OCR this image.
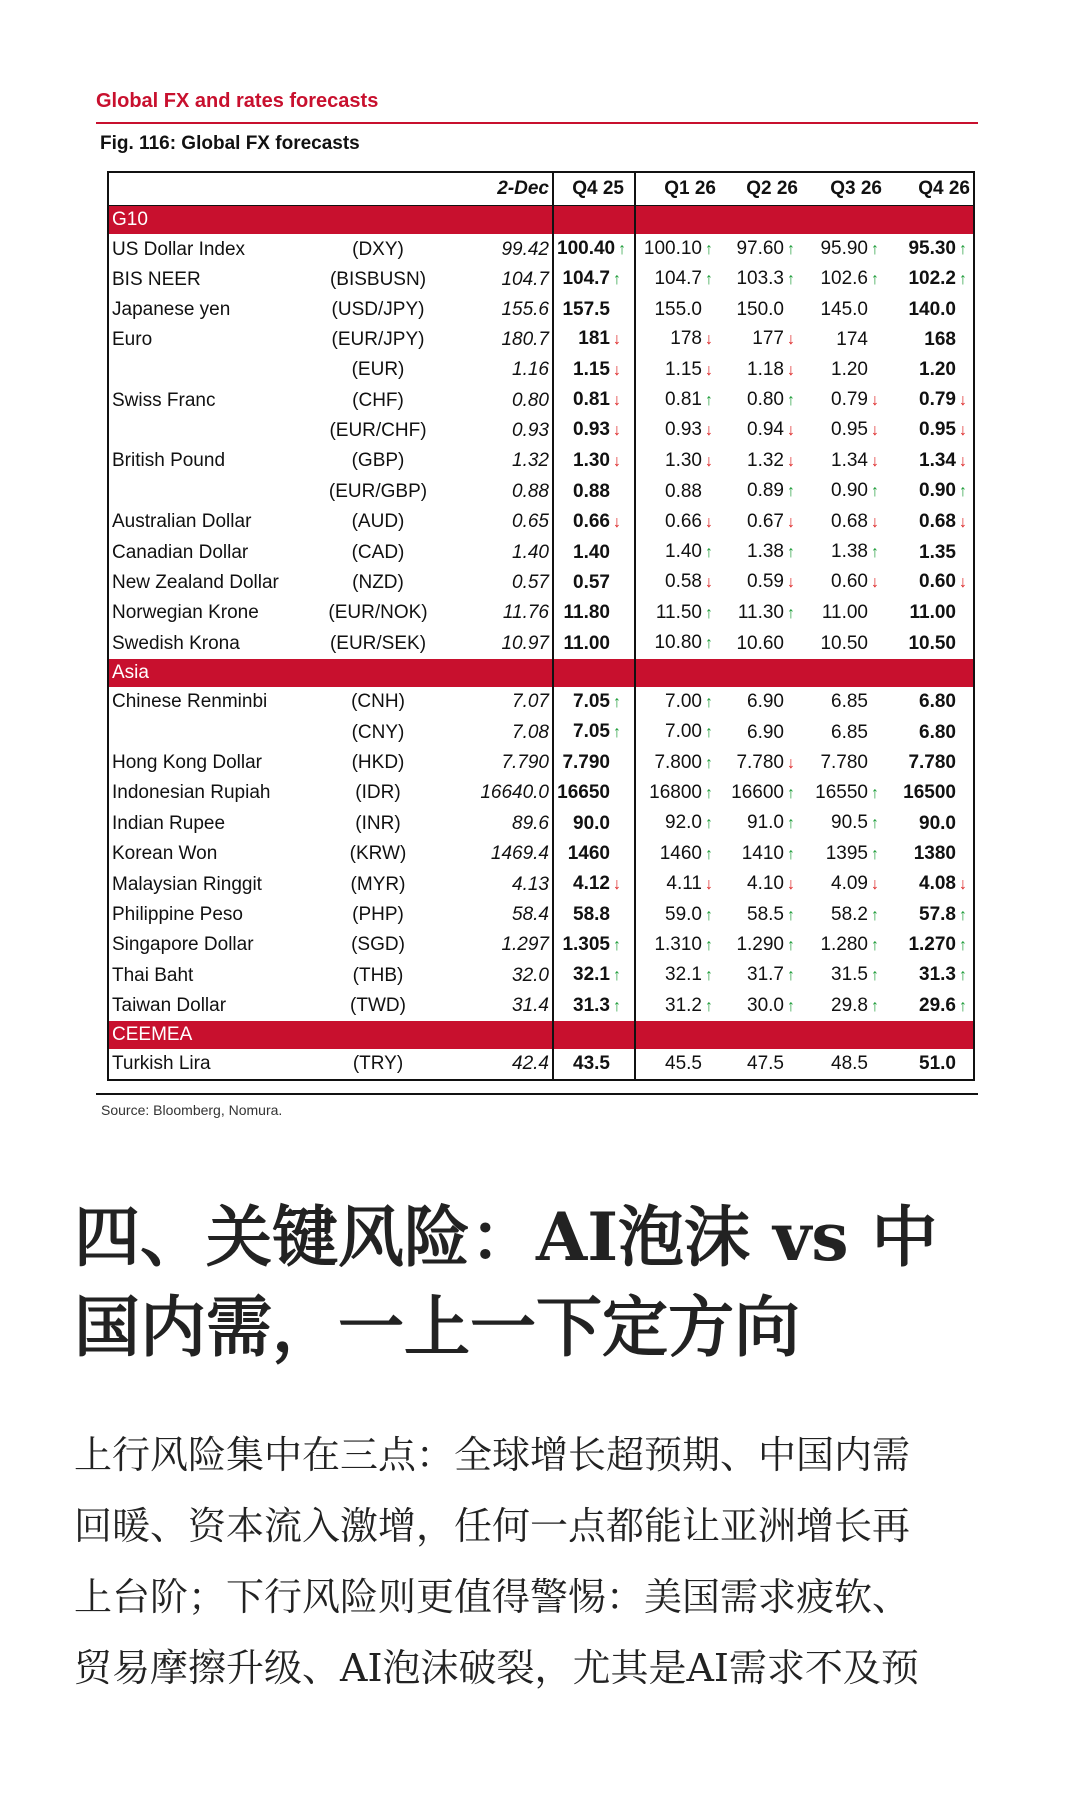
Global FX and rates forecasts
Fig. 116: Global FX forecasts
		2-Dec	Q4 25	Q1 26	Q2 26	Q3 26	Q4 26
G10							
US Dollar Index	(DXY)	99.42	100.40 ↑	100.10 ↑	97.60 ↑	95.90 ↑	95.30 ↑
BIS NEER	(BISBUSN)	104.7	104.7 ↑	104.7 ↑	103.3 ↑	102.6 ↑	102.2 ↑
Japanese yen	(USD/JPY)	155.6	157.5	155.0	150.0	145.0	140.0
Euro	(EUR/JPY)	180.7	181 ↓	178 ↓	177 ↓	174	168
	(EUR)	1.16	1.15 ↓	1.15 ↓	1.18 ↓	1.20	1.20
Swiss Franc	(CHF)	0.80	0.81 ↓	0.81 ↑	0.80 ↑	0.79 ↓	0.79 ↓
	(EUR/CHF)	0.93	0.93 ↓	0.93 ↓	0.94 ↓	0.95 ↓	0.95 ↓
British Pound	(GBP)	1.32	1.30 ↓	1.30 ↓	1.32 ↓	1.34 ↓	1.34 ↓
	(EUR/GBP)	0.88	0.88	0.88	0.89 ↑	0.90 ↑	0.90 ↑
Australian Dollar	(AUD)	0.65	0.66 ↓	0.66 ↓	0.67 ↓	0.68 ↓	0.68 ↓
Canadian Dollar	(CAD)	1.40	1.40	1.40 ↑	1.38 ↑	1.38 ↑	1.35
New Zealand Dollar	(NZD)	0.57	0.57	0.58 ↓	0.59 ↓	0.60 ↓	0.60 ↓
Norwegian Krone	(EUR/NOK)	11.76	11.80	11.50 ↑	11.30 ↑	11.00	11.00
Swedish Krona	(EUR/SEK)	10.97	11.00	10.80 ↑	10.60	10.50	10.50
Asia							
Chinese Renminbi	(CNH)	7.07	7.05 ↑	7.00 ↑	6.90	6.85	6.80
	(CNY)	7.08	7.05 ↑	7.00 ↑	6.90	6.85	6.80
Hong Kong Dollar	(HKD)	7.790	7.790	7.800 ↑	7.780 ↓	7.780	7.780
Indonesian Rupiah	(IDR)	16640.0	16650	16800 ↑	16600 ↑	16550 ↑	16500
Indian Rupee	(INR)	89.6	90.0	92.0 ↑	91.0 ↑	90.5 ↑	90.0
Korean Won	(KRW)	1469.4	1460	1460 ↑	1410 ↑	1395 ↑	1380
Malaysian Ringgit	(MYR)	4.13	4.12 ↓	4.11 ↓	4.10 ↓	4.09 ↓	4.08 ↓
Philippine Peso	(PHP)	58.4	58.8	59.0 ↑	58.5 ↑	58.2 ↑	57.8 ↑
Singapore Dollar	(SGD)	1.297	1.305 ↑	1.310 ↑	1.290 ↑	1.280 ↑	1.270 ↑
Thai Baht	(THB)	32.0	32.1 ↑	32.1 ↑	31.7 ↑	31.5 ↑	31.3 ↑
Taiwan Dollar	(TWD)	31.4	31.3 ↑	31.2 ↑	30.0 ↑	29.8 ↑	29.6 ↑
CEEMEA							
Turkish Lira	(TRY)	42.4	43.5	45.5	47.5	48.5	51.0
Source: Bloomberg, Nomura.
四、关键风险：AI泡沫 vs 中
国内需，一上一下定方向
上行风险集中在三点：全球增长超预期、中国内需
回暖、资本流入激增，任何一点都能让亚洲增长再
上台阶；下行风险则更值得警惕：美国需求疲软、
贸易摩擦升级、AI泡沫破裂，尤其是AI需求不及预
